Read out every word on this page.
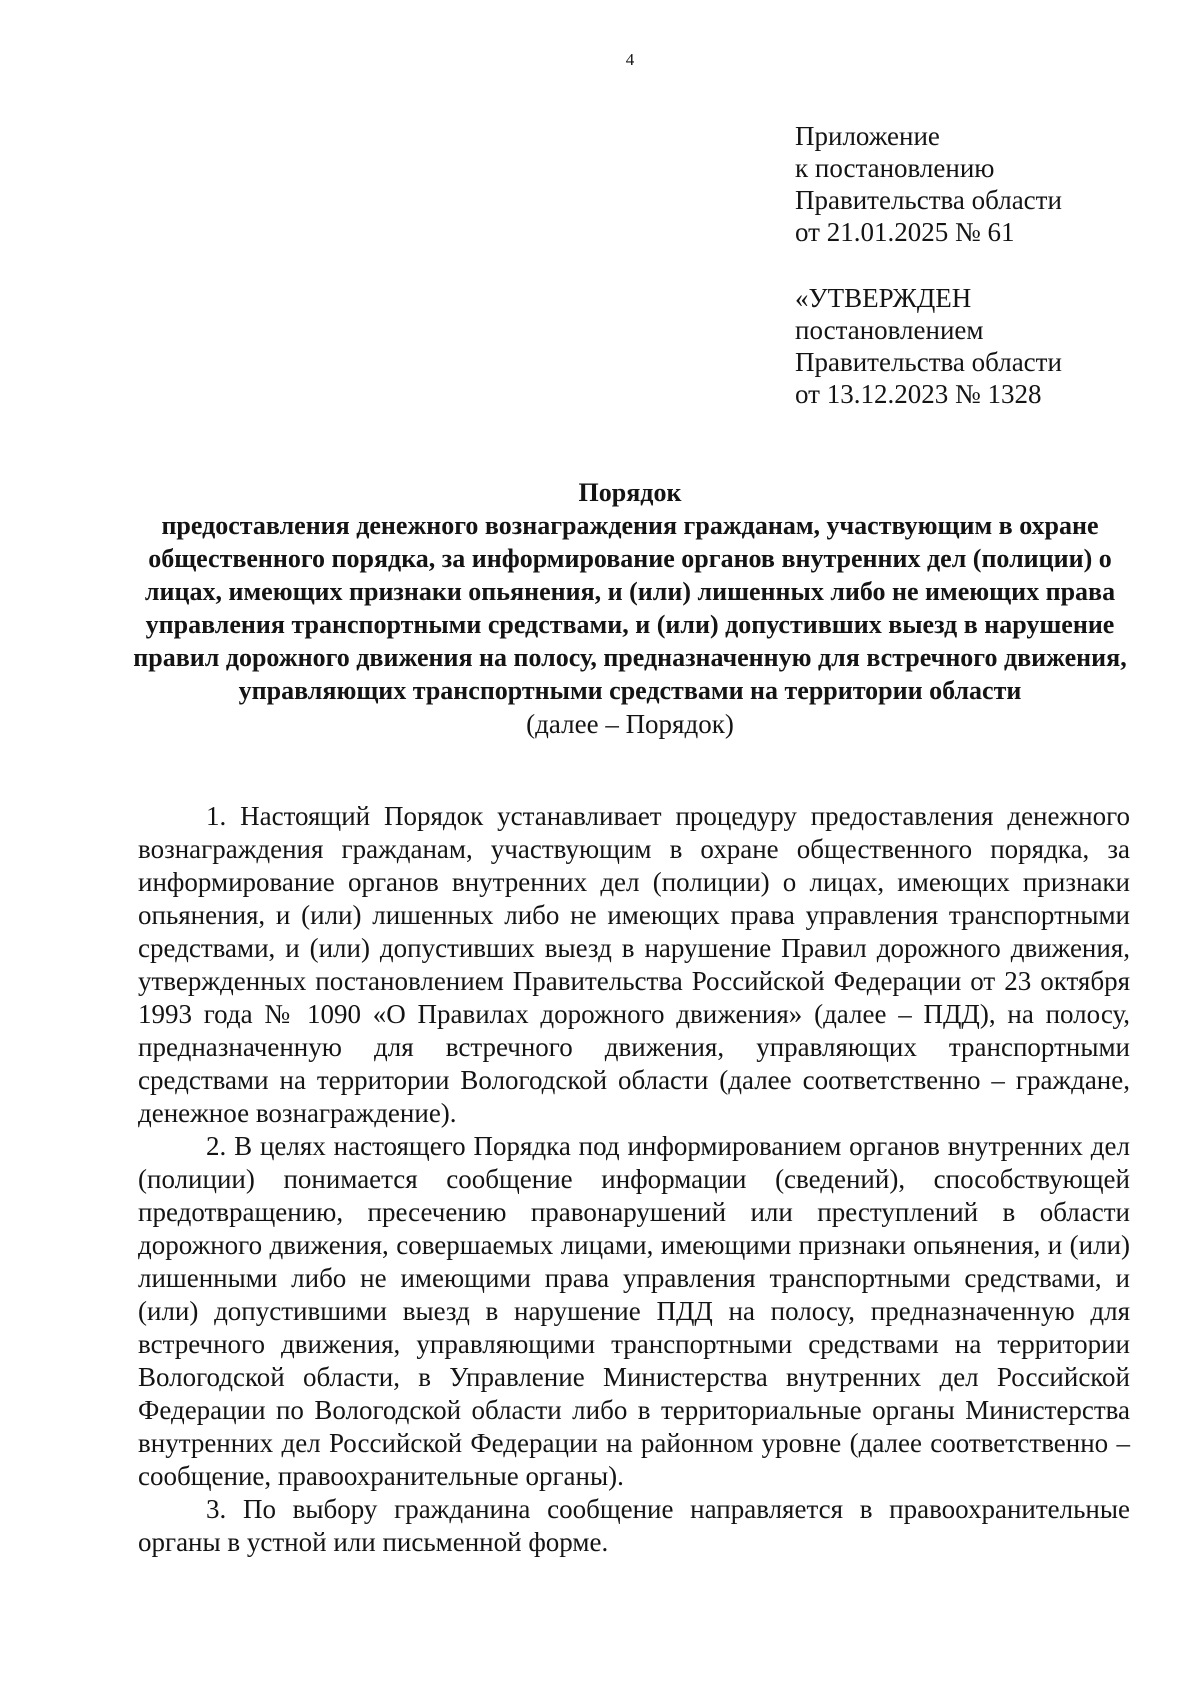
4
Приложение
к постановлению
Правительства области
от 21.01.2025 № 61
«УТВЕРЖДЕН
постановлением
Правительства области
от 13.12.2023 № 1328
Порядок
предоставления денежного вознаграждения гражданам, участвующим в охране общественного порядка, за информирование органов внутренних дел (полиции) о лицах, имеющих признаки опьянения, и (или) лишенных либо не имеющих права управления транспортными средствами, и (или) допустивших выезд в нарушение правил дорожного движения на полосу, предназначенную для встречного движения, управляющих транспортными средствами на территории области
(далее – Порядок)

1. Настоящий Порядок устанавливает процедуру предоставления денежного вознаграждения гражданам, участвующим в охране общественного порядка, за информирование органов внутренних дел (полиции) о лицах, имеющих признаки опьянения, и (или) лишенных либо не имеющих права управления транспортными средствами, и (или) допустивших выезд в нарушение Правил дорожного движения, утвержденных постановлением Правительства Российской Федерации от 23 октября 1993 года № 1090 «О Правилах дорожного движения» (далее – ПДД), на полосу, предназначенную для встречного движения, управляющих транспортными средствами на территории Вологодской области (далее соответственно – граждане, денежное вознаграждение).

2. В целях настоящего Порядка под информированием органов внутренних дел (полиции) понимается сообщение информации (сведений), способствующей предотвращению, пресечению правонарушений или преступлений в области дорожного движения, совершаемых лицами, имеющими признаки опьянения, и (или) лишенными либо не имеющими права управления транспортными средствами, и (или) допустившими выезд в нарушение ПДД на полосу, предназначенную для встречного движения, управляющими транспортными средствами на территории Вологодской области, в Управление Министерства внутренних дел Российской Федерации по Вологодской области либо в территориальные органы Министерства внутренних дел Российской Федерации на районном уровне (далее соответственно – сообщение, правоохранительные органы).

3. По выбору гражданина сообщение направляется в правоохранительные органы в устной или письменной форме.
